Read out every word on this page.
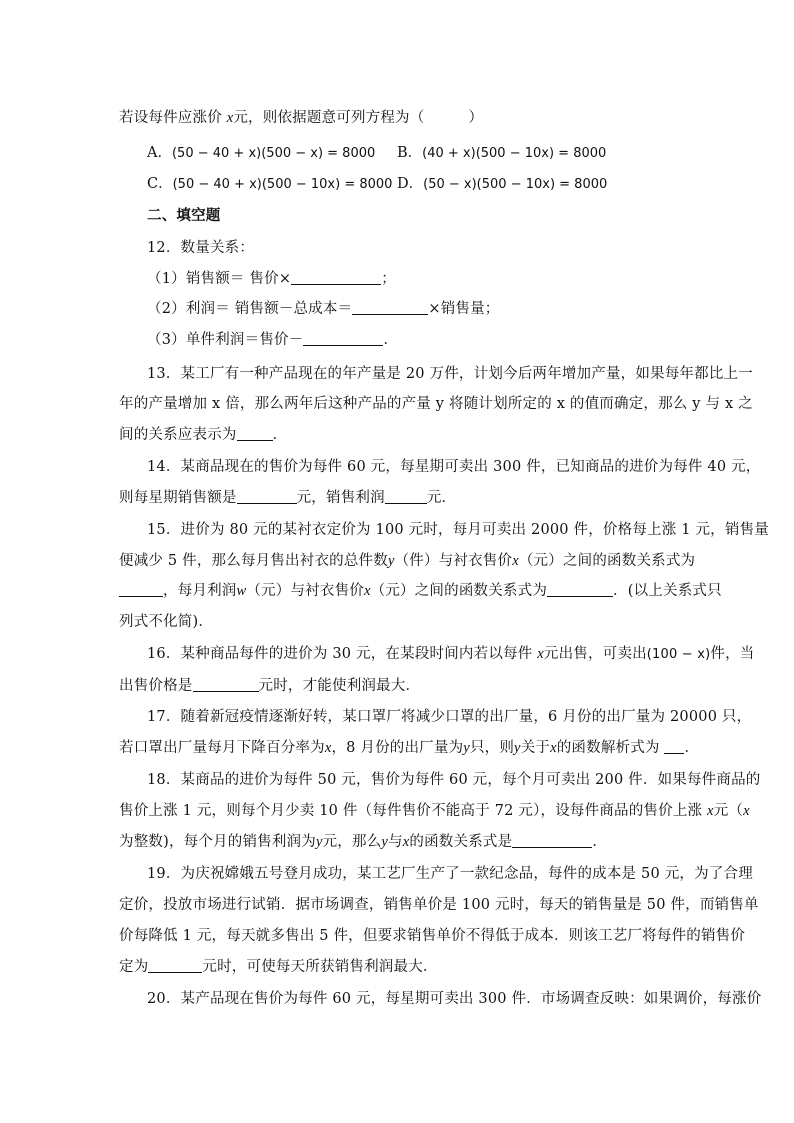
若设每件应涨价 x元，则依据题意可列方程为（　　　）
A．(50 − 40 + x)(500 − x) = 8000 B．(40 + x)(500 − 10x) = 8000
C．(50 − 40 + x)(500 − 10x) = 8000 D．(50 − x)(500 − 10x) = 8000
二、填空题
12．数量关系：
（1）销售额＝ 售价×	；
（2）利润＝ 销售额－总成本＝	×销售量；
（3）单件利润＝售价－	．
13．某工厂有一种产品现在的年产量是 20 万件，计划今后两年增加产量，如果每年都比上一
年的产量增加 x 倍，那么两年后这种产品的产量 y 将随计划所定的 x 的值而确定，那么 y 与 x 之
间的关系应表示为 ．
14．某商品现在的售价为每件 60 元，每星期可卖出 300 件，已知商品的进价为每件 40 元，
则每星期销售额是	元，销售利润	元．
15．进价为 80 元的某衬衣定价为 100 元时，每月可卖出 2000 件，价格每上涨 1 元，销售量
便减少 5 件，那么每月售出衬衣的总件数y（件）与衬衣售价x（元）之间的函数关系式为
，每月利润w（元）与衬衣售价x（元）之间的函数关系式为	．(以上关系式只
列式不化简)．
16．某种商品每件的进价为 30 元，在某段时间内若以每件 x元出售，可卖出(100 − x)件，当
出售价格是	元时，才能使利润最大．
17．随着新冠疫情逐渐好转，某口罩厂将减少口罩的出厂量，6 月份的出厂量为 20000 只，
若口罩出厂量每月下降百分率为x，8 月份的出厂量为y只，则y关于x的函数解析式为 ．
18．某商品的进价为每件 50 元，售价为每件 60 元，每个月可卖出 200 件．如果每件商品的
售价上涨 1 元，则每个月少卖 10 件（每件售价不能高于 72 元），设每件商品的售价上涨 x元（x
为整数)，每个月的销售利润为y元，那么y与x的函数关系式是	．
19．为庆祝嫦娥五号登月成功，某工艺厂生产了一款纪念品，每件的成本是 50 元，为了合理
定价，投放市场进行试销．据市场调查，销售单价是 100 元时，每天的销售量是 50 件，而销售单
价每降低 1 元，每天就多售出 5 件，但要求销售单价不得低于成本．则该工艺厂将每件的销售价
定为	元时，可使每天所获销售利润最大．
20．某产品现在售价为每件 60 元，每星期可卖出 300 件．市场调查反映：如果调价，每涨价
